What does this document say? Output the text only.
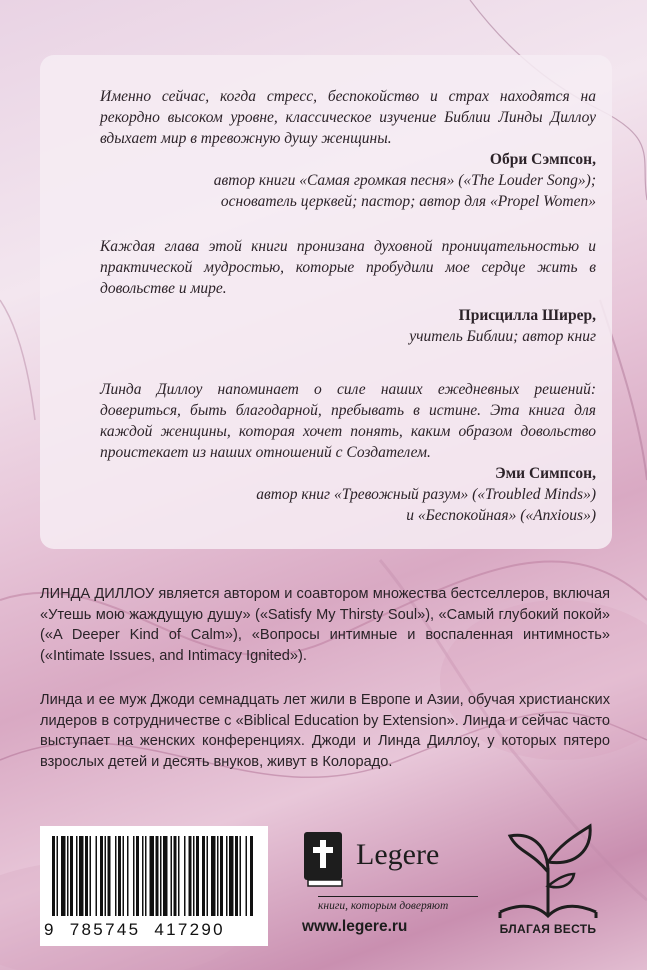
Именно сейчас, когда стресс, беспокойство и страх находятся на рекордно высоком уровне, классическое изучение Библии Линды Диллоу вдыхает мир в тревожную душу женщины.
Обри Сэмпсон,
автор книги «Самая громкая песня» («The Louder Song»);
основатель церквей; пастор; автор для «Propel Women»
Каждая глава этой книги пронизана духовной проницательностью и практической мудростью, которые пробудили мое сердце жить в довольстве и мире.
Присцилла Ширер,
учитель Библии; автор книг
Линда Диллоу напоминает о силе наших ежедневных решений: довериться, быть благодарной, пребывать в истине. Эта книга для каждой женщины, которая хочет понять, каким образом довольство проистекает из наших отношений с Создателем.
Эми Симпсон,
автор книг «Тревожный разум» («Troubled Minds»)
и «Беспокойная» («Anxious»)
ЛИНДА ДИЛЛОУ является автором и соавтором множества бестселлеров, включая «Утешь мою жаждущую душу» («Satisfy My Thirsty Soul»), «Самый глубокий покой» («A Deeper Kind of Calm»), «Вопросы интимные и воспаленная интимность» («Intimate Issues, and Intimacy Ignited»).
Линда и ее муж Джоди семнадцать лет жили в Европе и Азии, обучая христианских лидеров в сотрудничестве с «Biblical Education by Extension». Линда и сейчас часто выступает на женских конференциях. Джоди и Линда Диллоу, у которых пятеро взрослых детей и десять внуков, живут в Колорадо.
9  785745  417290
Legere
книги, которым доверяют
www.legere.ru	БЛАГАЯ ВЕСТЬ
